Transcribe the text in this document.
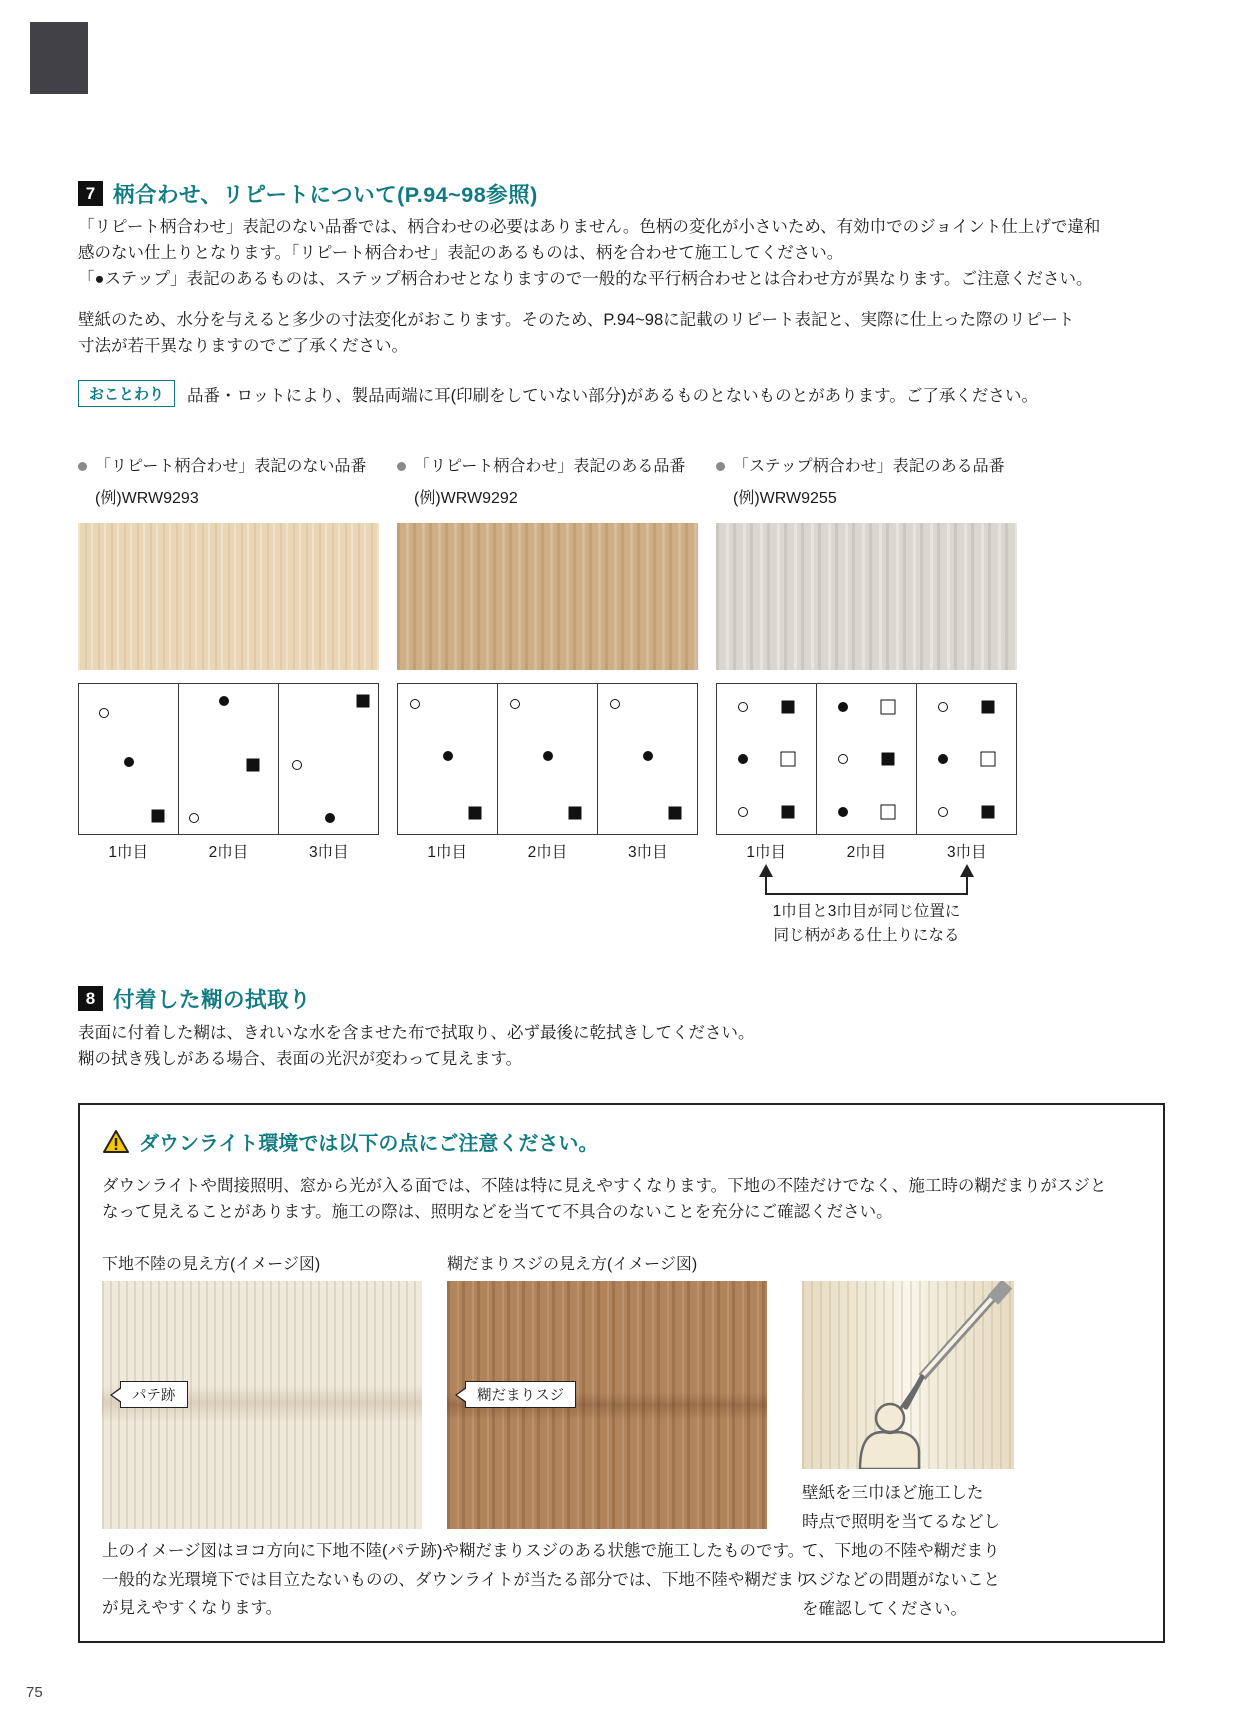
7 柄合わせ、リピートについて(P.94~98参照)
「リピート柄合わせ」表記のない品番では、柄合わせの必要はありません。色柄の変化が小さいため、有効巾でのジョイント仕上げで違和
感のない仕上りとなります。「リピート柄合わせ」表記のあるものは、柄を合わせて施工してください。
「●ステップ」表記のあるものは、ステップ柄合わせとなりますので一般的な平行柄合わせとは合わせ方が異なります。ご注意ください。
壁紙のため、水分を与えると多少の寸法変化がおこります。そのため、P.94~98に記載のリピート表記と、実際に仕上った際のリピート
寸法が若干異なりますのでご了承ください。
おことわり	品番・ロットにより、製品両端に耳(印刷をしていない部分)があるものとないものとがあります。ご了承ください。
「リピート柄合わせ」表記のない品番
(例)WRW9293
1巾目	2巾目	3巾目
「リピート柄合わせ」表記のある品番
(例)WRW9292
1巾目	2巾目	3巾目
「ステップ柄合わせ」表記のある品番
(例)WRW9255
1巾目	2巾目	3巾目
1巾目と3巾目が同じ位置に
同じ柄がある仕上りになる
8 付着した糊の拭取り
表面に付着した糊は、きれいな水を含ませた布で拭取り、必ず最後に乾拭きしてください。
糊の拭き残しがある場合、表面の光沢が変わって見えます。
ダウンライト環境では以下の点にご注意ください。
ダウンライトや間接照明、窓から光が入る面では、不陸は特に見えやすくなります。下地の不陸だけでなく、施工時の糊だまりがスジと
なって見えることがあります。施工の際は、照明などを当てて不具合のないことを充分にご確認ください。
下地不陸の見え方(イメージ図)	糊だまりスジの見え方(イメージ図)
パテ跡	糊だまりスジ
壁紙を三巾ほど施工した
時点で照明を当てるなどし
て、下地の不陸や糊だまり
スジなどの問題がないこと
を確認してください。
上のイメージ図はヨコ方向に下地不陸(パテ跡)や糊だまりスジのある状態で施工したものです。
一般的な光環境下では目立たないものの、ダウンライトが当たる部分では、下地不陸や糊だまり
が見えやすくなります。
75
